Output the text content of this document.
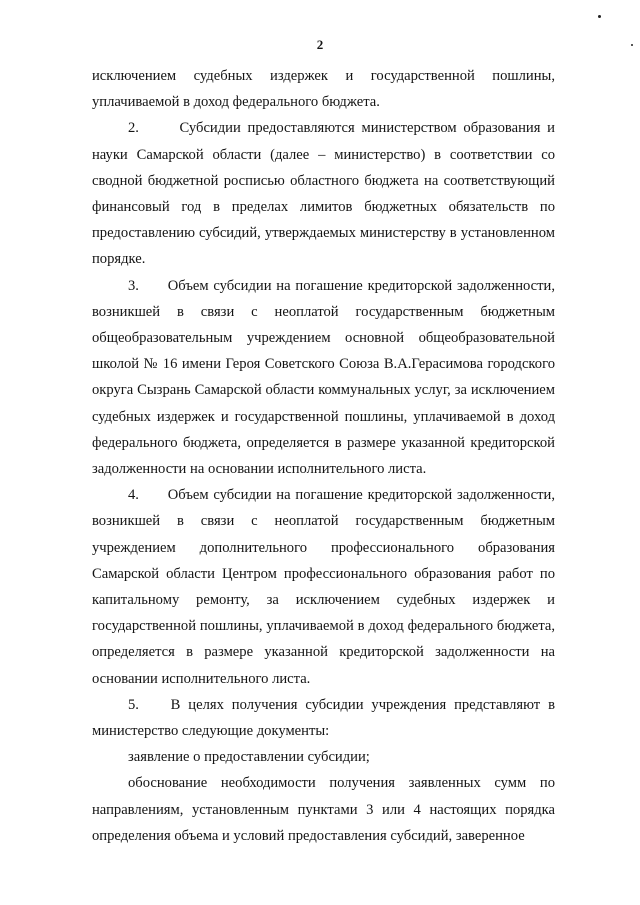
2

исключением судебных издержек и государственной пошлины, уплачиваемой в доход федерального бюджета.

2.      Субсидии предоставляются министерством образования и науки Самарской области (далее – министерство) в соответствии со сводной бюджетной росписью областного бюджета на соответствующий финансовый год в пределах лимитов бюджетных обязательств по предоставлению субсидий, утверждаемых министерству в установленном порядке.

3.      Объем субсидии на погашение кредиторской задолженности, возникшей в связи с неоплатой государственным бюджетным общеобразовательным учреждением основной общеобразовательной школой № 16 имени Героя Советского Союза В.А.Герасимова городского округа Сызрань Самарской области коммунальных услуг, за исключением судебных издержек и государственной пошлины, уплачиваемой в доход федерального бюджета, определяется в размере указанной кредиторской задолженности на основании исполнительного листа.

4.      Объем субсидии на погашение кредиторской задолженности, возникшей в связи с неоплатой государственным бюджетным учреждением дополнительного профессионального образования Самарской области Центром профессионального образования работ по капитальному ремонту, за исключением судебных издержек и государственной пошлины, уплачиваемой в доход федерального бюджета, определяется в размере указанной кредиторской задолженности на основании исполнительного листа.

5.    В целях получения субсидии учреждения представляют в министерство следующие документы:

заявление о предоставлении субсидии;

обоснование необходимости получения заявленных сумм по направлениям, установленным пунктами 3 или 4 настоящих порядка определения объема и условий предоставления субсидий, заверенное
